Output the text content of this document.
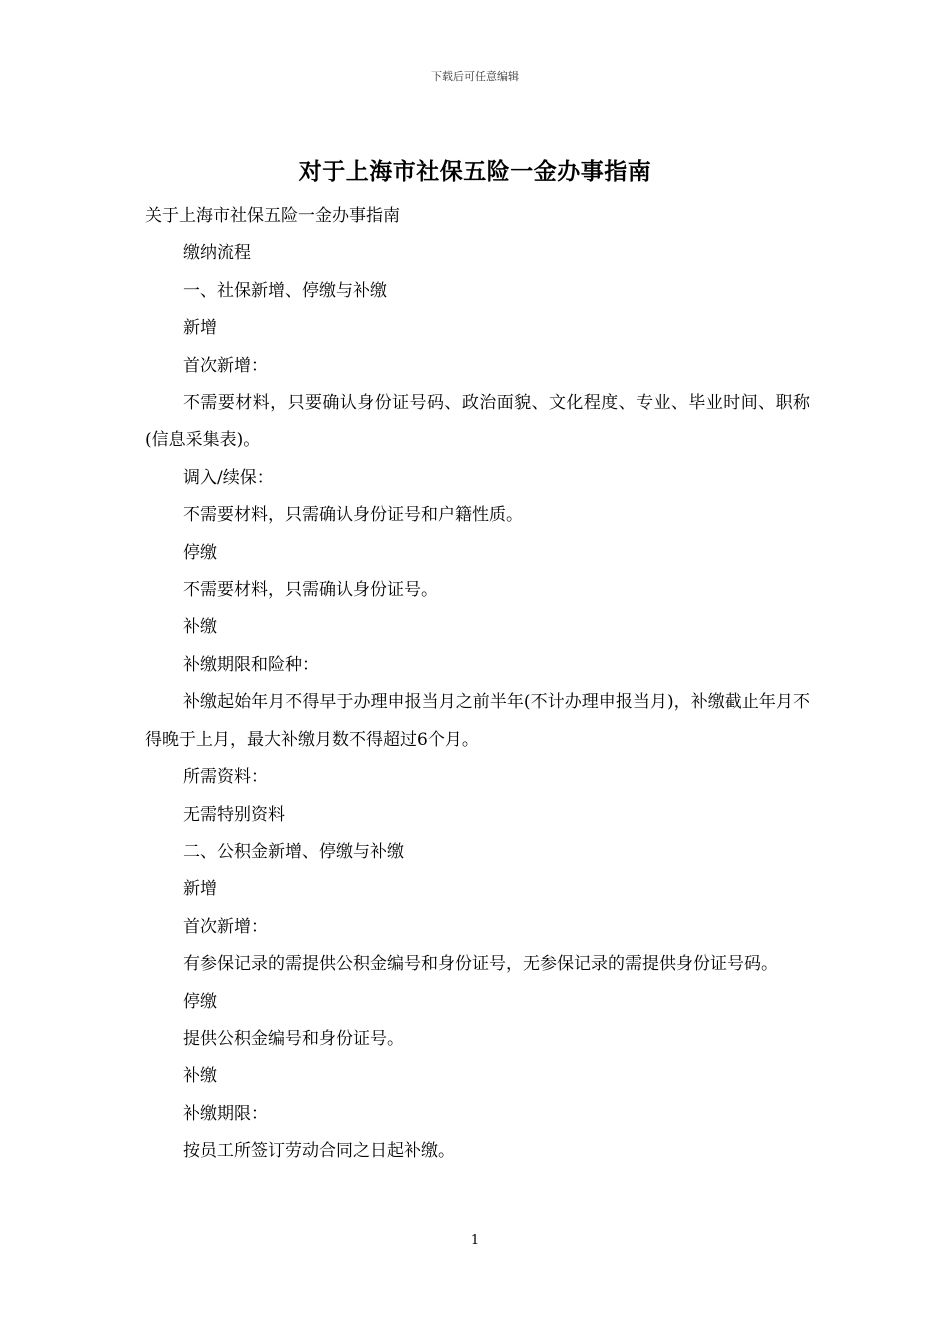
下载后可任意编辑
对于上海市社保五险一金办事指南

关于上海市社保五险一金办事指南

缴纳流程

一、社保新增、停缴与补缴

新增

首次新增：

不需要材料，只要确认身份证号码、政治面貌、文化程度、专业、毕业时间、职称(信息采集表)。

调入/续保：

不需要材料，只需确认身份证号和户籍性质。

停缴

不需要材料，只需确认身份证号。

补缴

补缴期限和险种：

补缴起始年月不得早于办理申报当月之前半年(不计办理申报当月)，补缴截止年月不得晚于上月，最大补缴月数不得超过6个月。

所需资料：

无需特别资料

二、公积金新增、停缴与补缴

新增

首次新增：

有参保记录的需提供公积金编号和身份证号，无参保记录的需提供身份证号码。

停缴

提供公积金编号和身份证号。

补缴

补缴期限：

按员工所签订劳动合同之日起补缴。

1
